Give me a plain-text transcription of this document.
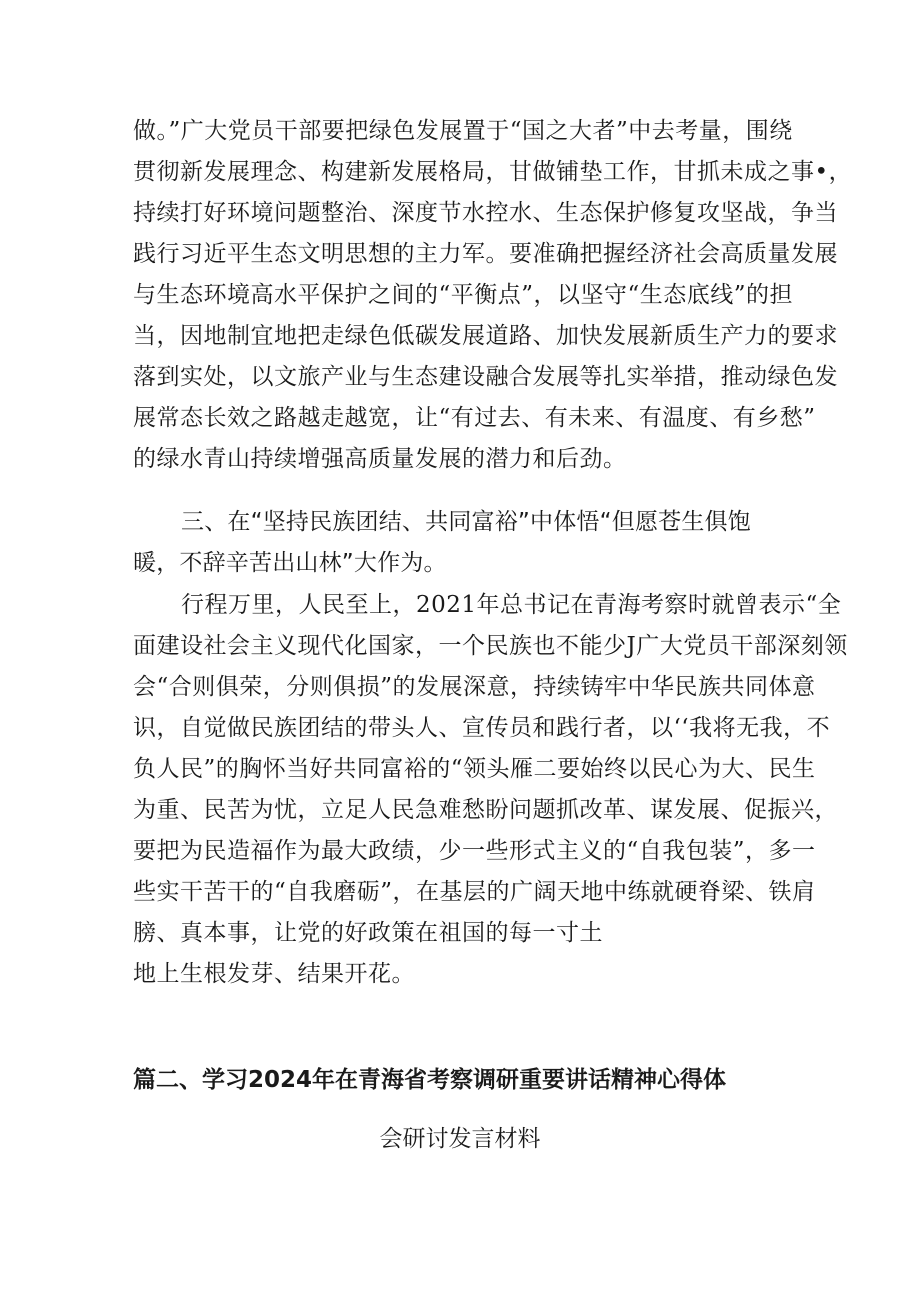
做。”广大党员干部要把绿色发展置于“国之大者”中去考量，围绕
贯彻新发展理念、构建新发展格局，甘做铺垫工作，甘抓未成之事•，
持续打好环境问题整治、深度节水控水、生态保护修复攻坚战，争当
践行习近平生态文明思想的主力军。要准确把握经济社会高质量发展
与生态环境高水平保护之间的“平衡点”，以坚守“生态底线”的担
当，因地制宜地把走绿色低碳发展道路、加快发展新质生产力的要求
落到实处，以文旅产业与生态建设融合发展等扎实举措，推动绿色发
展常态长效之路越走越宽，让“有过去、有未来、有温度、有乡愁”
的绿水青山持续增强高质量发展的潜力和后劲。
三、在“坚持民族团结、共同富裕”中体悟“但愿苍生俱饱
暖，不辞辛苦出山林”大作为。
行程万里，人民至上，2021年总书记在青海考察时就曾表示“全
面建设社会主义现代化国家，一个民族也不能少J广大党员干部深刻领
会“合则俱荣，分则俱损”的发展深意，持续铸牢中华民族共同体意
识，自觉做民族团结的带头人、宣传员和践行者，以‘‘我将无我，不
负人民”的胸怀当好共同富裕的“领头雁二要始终以民心为大、民生
为重、民苦为忧，立足人民急难愁盼问题抓改革、谋发展、促振兴，
要把为民造福作为最大政绩，少一些形式主义的“自我包装”，多一
些实干苦干的“自我磨砺”，在基层的广阔天地中练就硬脊梁、铁肩
膀、真本事，让党的好政策在祖国的每一寸土
地上生根发芽、结果开花。
篇二、学习2024年在青海省考察调研重要讲话精神心得体
会研讨发言材料
